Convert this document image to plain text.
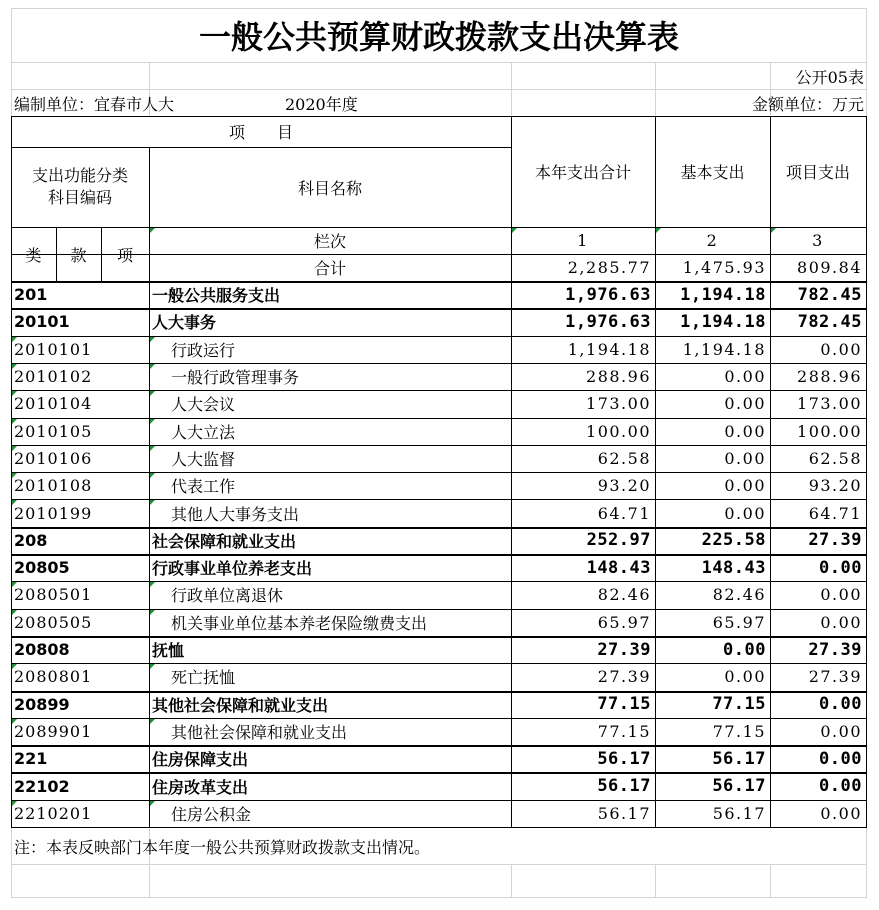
一般公共预算财政拨款支出决算表
公开05表
编制单位：宜春市人大	2020年度	金额单位：万元
项　　目
支出功能分类
科目编码	科目名称
本年支出合计	基本支出	项目支出
类	款	项
栏次	1	2	3
合计	2,285.77	1,475.93	809.84
201	一般公共服务支出	1,976.63	1,194.18	782.45
20101	人大事务	1,976.63	1,194.18	782.45
2010101	行政运行	1,194.18	1,194.18	0.00
2010102	一般行政管理事务	288.96	0.00	288.96
2010104	人大会议	173.00	0.00	173.00
2010105	人大立法	100.00	0.00	100.00
2010106	人大监督	62.58	0.00	62.58
2010108	代表工作	93.20	0.00	93.20
2010199	其他人大事务支出	64.71	0.00	64.71
208	社会保障和就业支出	252.97	225.58	27.39
20805	行政事业单位养老支出	148.43	148.43	0.00
2080501	行政单位离退休	82.46	82.46	0.00
2080505	机关事业单位基本养老保险缴费支出	65.97	65.97	0.00
20808	抚恤	27.39	0.00	27.39
2080801	死亡抚恤	27.39	0.00	27.39
20899	其他社会保障和就业支出	77.15	77.15	0.00
2089901	其他社会保障和就业支出	77.15	77.15	0.00
221	住房保障支出	56.17	56.17	0.00
22102	住房改革支出	56.17	56.17	0.00
2210201	住房公积金	56.17	56.17	0.00
注：本表反映部门本年度一般公共预算财政拨款支出情况。
